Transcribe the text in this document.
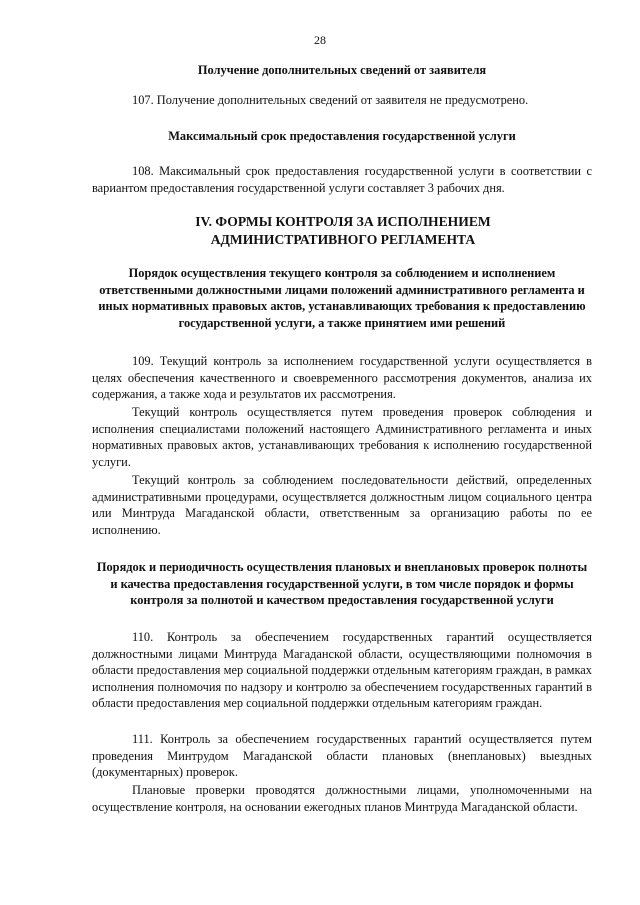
28
Получение дополнительных сведений от заявителя
107. Получение дополнительных сведений от заявителя не предусмотрено.
Максимальный срок предоставления государственной услуги
108. Максимальный срок предоставления государственной услуги в соответствии с вариантом предоставления государственной услуги составляет 3 рабочих дня.
IV. ФОРМЫ КОНТРОЛЯ ЗА ИСПОЛНЕНИЕМ АДМИНИСТРАТИВНОГО РЕГЛАМЕНТА
Порядок осуществления текущего контроля за соблюдением и исполнением ответственными должностными лицами положений административного регламента и иных нормативных правовых актов, устанавливающих требования к предоставлению государственной услуги, а также принятием ими решений
109. Текущий контроль за исполнением государственной услуги осуществляется в целях обеспечения качественного и своевременного рассмотрения документов, анализа их содержания, а также хода и результатов их рассмотрения.
Текущий контроль осуществляется путем проведения проверок соблюдения и исполнения специалистами положений настоящего Административного регламента и иных нормативных правовых актов, устанавливающих требования к исполнению государственной услуги.
Текущий контроль за соблюдением последовательности действий, определенных административными процедурами, осуществляется должностным лицом социального центра или Минтруда Магаданской области, ответственным за организацию работы по ее исполнению.
Порядок и периодичность осуществления плановых и внеплановых проверок полноты и качества предоставления государственной услуги, в том числе порядок и формы контроля за полнотой и качеством предоставления государственной услуги
110. Контроль за обеспечением государственных гарантий осуществляется должностными лицами Минтруда Магаданской области, осуществляющими полномочия в области предоставления мер социальной поддержки отдельным категориям граждан, в рамках исполнения полномочия по надзору и контролю за обеспечением государственных гарантий в области предоставления мер социальной поддержки отдельным категориям граждан.
111. Контроль за обеспечением государственных гарантий осуществляется путем проведения Минтрудом Магаданской области плановых (внеплановых) выездных (документарных) проверок.
Плановые проверки проводятся должностными лицами, уполномоченными на осуществление контроля, на основании ежегодных планов Минтруда Магаданской области.
